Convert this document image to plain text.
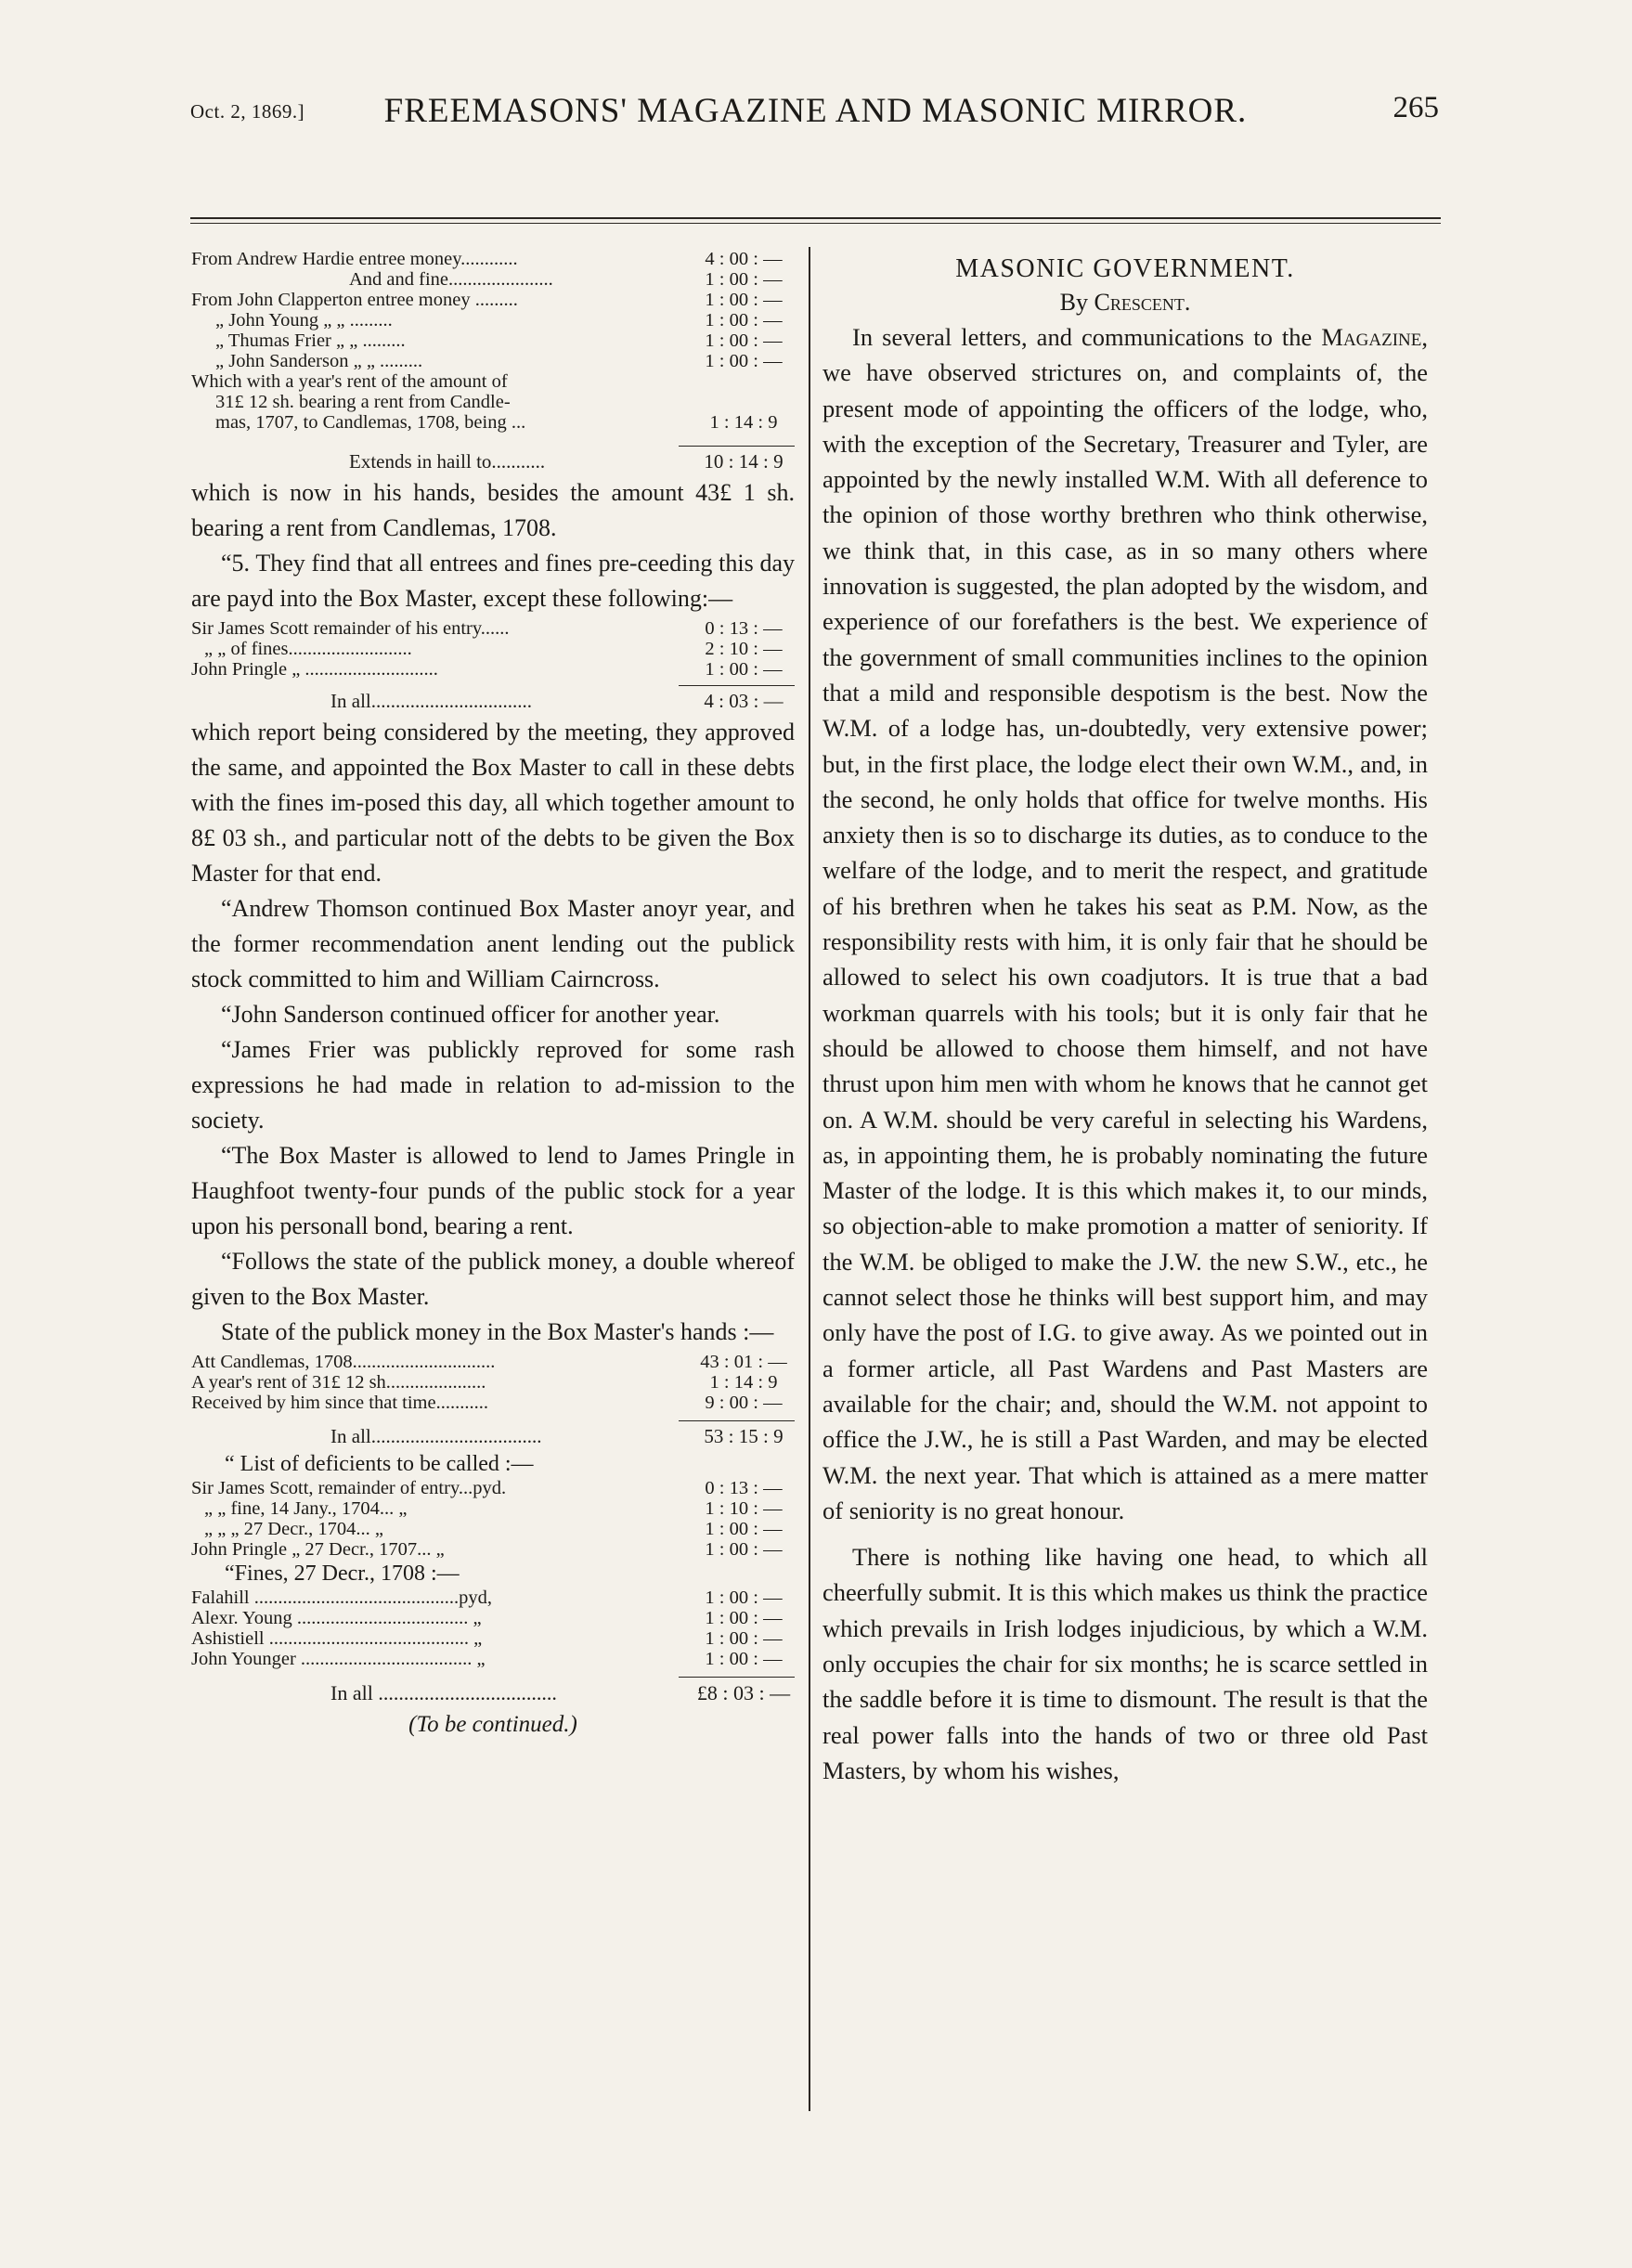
Oct. 2, 1869.]	FREEMASONS' MAGAZINE AND MASONIC MIRROR.	265
From Andrew Hardie entree money............	4 : 00 : —
And and fine......................	1 : 00 : —
From John Clapperton entree money .........	1 : 00 : —
„ John Young „ „ .........	1 : 00 : —
„ Thumas Frier „ „ .........	1 : 00 : —
„ John Sanderson „ „ .........	1 : 00 : —
Which with a year's rent of the amount of
31£ 12 sh. bearing a rent from Candle-
mas, 1707, to Candlemas, 1708, being ...	1 : 14 : 9
Extends in haill to...........	10 : 14 : 9

which is now in his hands, besides the amount 43£ 1 sh. bearing a rent from Candlemas, 1708.

“5. They find that all entrees and fines pre-ceeding this day are payd into the Box Master, except these following:—

Sir James Scott remainder of his entry......	0 : 13 : —
„ „ of fines..........................	2 : 10 : —
John Pringle „ ............................	1 : 00 : —
In all.................................	4 : 03 : —

which report being considered by the meeting, they approved the same, and appointed the Box Master to call in these debts with the fines im-posed this day, all which together amount to 8£ 03 sh., and particular nott of the debts to be given the Box Master for that end.

“Andrew Thomson continued Box Master anoyr year, and the former recommendation anent lending out the publick stock committed to him and William Cairncross.

“John Sanderson continued officer for another year.

“James Frier was publickly reproved for some rash expressions he had made in relation to ad-mission to the society.

“The Box Master is allowed to lend to James Pringle in Haughfoot twenty-four punds of the public stock for a year upon his personall bond, bearing a rent.

“Follows the state of the publick money, a double whereof given to the Box Master.

State of the publick money in the Box Master's hands :—

Att Candlemas, 1708..............................	43 : 01 : —
A year's rent of 31£ 12 sh.....................	1 : 14 : 9
Received by him since that time...........	9 : 00 : —
In all...................................	53 : 15 : 9
“ List of deficients to be called :—
Sir James Scott, remainder of entry...pyd.	0 : 13 : —
„ „ fine, 14 Jany., 1704... „	1 : 10 : —
„ „ „ 27 Decr., 1704... „	1 : 00 : —
John Pringle „ 27 Decr., 1707... „	1 : 00 : —
“Fines, 27 Decr., 1708 :—
Falahill ...........................................pyd,	1 : 00 : —
Alexr. Young .................................... „	1 : 00 : —
Ashistiell .......................................... „	1 : 00 : —
John Younger .................................... „	1 : 00 : —
In all ...................................	£8 : 03 : —
(To be continued.)
MASONIC GOVERNMENT.
By Crescent.

In several letters, and communications to the Magazine, we have observed strictures on, and complaints of, the present mode of appointing the officers of the lodge, who, with the exception of the Secretary, Treasurer and Tyler, are appointed by the newly installed W.M. With all deference to the opinion of those worthy brethren who think otherwise, we think that, in this case, as in so many others where innovation is suggested, the plan adopted by the wisdom, and experience of our forefathers is the best. We experience of the government of small communities inclines to the opinion that a mild and responsible despotism is the best. Now the W.M. of a lodge has, un-doubtedly, very extensive power; but, in the first place, the lodge elect their own W.M., and, in the second, he only holds that office for twelve months. His anxiety then is so to discharge its duties, as to conduce to the welfare of the lodge, and to merit the respect, and gratitude of his brethren when he takes his seat as P.M. Now, as the responsibility rests with him, it is only fair that he should be allowed to select his own coadjutors. It is true that a bad workman quarrels with his tools; but it is only fair that he should be allowed to choose them himself, and not have thrust upon him men with whom he knows that he cannot get on. A W.M. should be very careful in selecting his Wardens, as, in appointing them, he is probably nominating the future Master of the lodge. It is this which makes it, to our minds, so objection-able to make promotion a matter of seniority. If the W.M. be obliged to make the J.W. the new S.W., etc., he cannot select those he thinks will best support him, and may only have the post of I.G. to give away. As we pointed out in a former article, all Past Wardens and Past Masters are available for the chair; and, should the W.M. not appoint to office the J.W., he is still a Past Warden, and may be elected W.M. the next year. That which is attained as a mere matter of seniority is no great honour.

There is nothing like having one head, to which all cheerfully submit. It is this which makes us think the practice which prevails in Irish lodges injudicious, by which a W.M. only occupies the chair for six months; he is scarce settled in the saddle before it is time to dismount. The result is that the real power falls into the hands of two or three old Past Masters, by whom his wishes,
